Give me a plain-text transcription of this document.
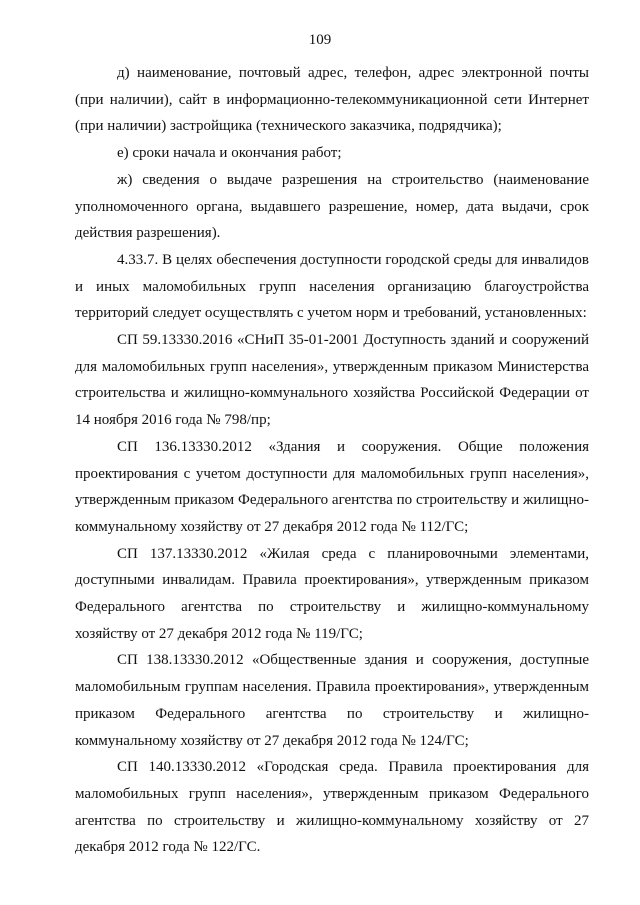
109

д) наименование, почтовый адрес, телефон, адрес электронной почты (при наличии), сайт в информационно-телекоммуникационной сети Интернет (при наличии) застройщика (технического заказчика, подрядчика);

е) сроки начала и окончания работ;

ж) сведения о выдаче разрешения на строительство (наименование уполномоченного органа, выдавшего разрешение, номер, дата выдачи, срок действия разрешения).

4.33.7. В целях обеспечения доступности городской среды для инвалидов и иных маломобильных групп населения организацию благоустройства территорий следует осуществлять с учетом норм и требований, установленных:

СП 59.13330.2016 «СНиП 35-01-2001 Доступность зданий и сооружений для маломобильных групп населения», утвержденным приказом Министерства строительства и жилищно-коммунального хозяйства Российской Федерации от 14 ноября 2016 года № 798/пр;

СП 136.13330.2012 «Здания и сооружения. Общие положения проектирования с учетом доступности для маломобильных групп населения», утвержденным приказом Федерального агентства по строительству и жилищно-коммунальному хозяйству от 27 декабря 2012 года № 112/ГС;

СП 137.13330.2012 «Жилая среда с планировочными элементами, доступными инвалидам. Правила проектирования», утвержденным приказом Федерального агентства по строительству и жилищно-коммунальному хозяйству от 27 декабря 2012 года № 119/ГС;

СП 138.13330.2012 «Общественные здания и сооружения, доступные маломобильным группам населения. Правила проектирования», утвержденным приказом Федерального агентства по строительству и жилищно-коммунальному хозяйству от 27 декабря 2012 года № 124/ГС;

СП 140.13330.2012 «Городская среда. Правила проектирования для маломобильных групп населения», утвержденным приказом Федерального агентства по строительству и жилищно-коммунальному хозяйству от 27 декабря 2012 года № 122/ГС.
